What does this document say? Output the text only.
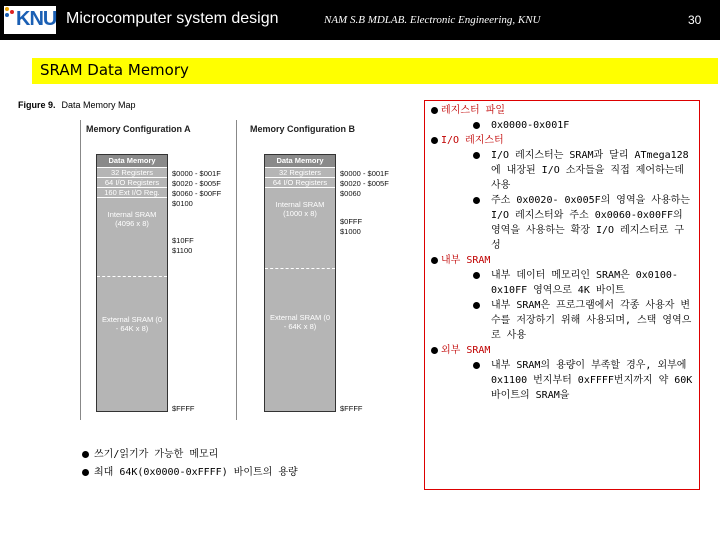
KNU Microcomputer system design	NAM S.B MDLAB. Electronic Engineering, KNU	30
SRAM Data Memory
Figure 9. Data Memory Map
Memory Configuration A	Memory Configuration B
Data Memory
32 Registers
64 I/O Registers
160 Ext I/O Reg.
Internal SRAM (4096 x 8)
External SRAM (0 - 64K x 8)
$0000 - $001F
$0020 - $005F
$0060 - $00FF
$0100
$10FF
$1100
$FFFF
Data Memory
32 Registers
64 I/O Registers
Internal SRAM (1000 x 8)
External SRAM (0 - 64K x 8)
$0000 - $001F
$0020 - $005F
$0060
$0FFF
$1000
$FFFF
쓰기/읽기가 가능한 메모리
최대 64K(0x0000-0xFFFF) 바이트의 용량
레지스터 파일
0x0000-0x001F
I/O 레지스터
I/O 레지스터는 SRAM과 달리 ATmega128에 내장된 I/O 소자들을 직접 제어하는데 사용
주소 0x0020- 0x005F의 영역을 사용하는 I/O 레지스터와 주소 0x0060-0x00FF의 영역을 사용하는 확장 I/O 레지스터로 구성
내부 SRAM
내부 데이터 메모리인 SRAM은 0x0100-0x10FF 영역으로 4K 바이트
내부 SRAM은 프로그램에서 각종 사용자 변수를 저장하기 위해 사용되며, 스택 영역으로 사용
외부 SRAM
내부 SRAM의 용량이 부족할 경우, 외부에 0x1100 번지부터 0xFFFF번지까지 약 60K 바이트의 SRAM을
